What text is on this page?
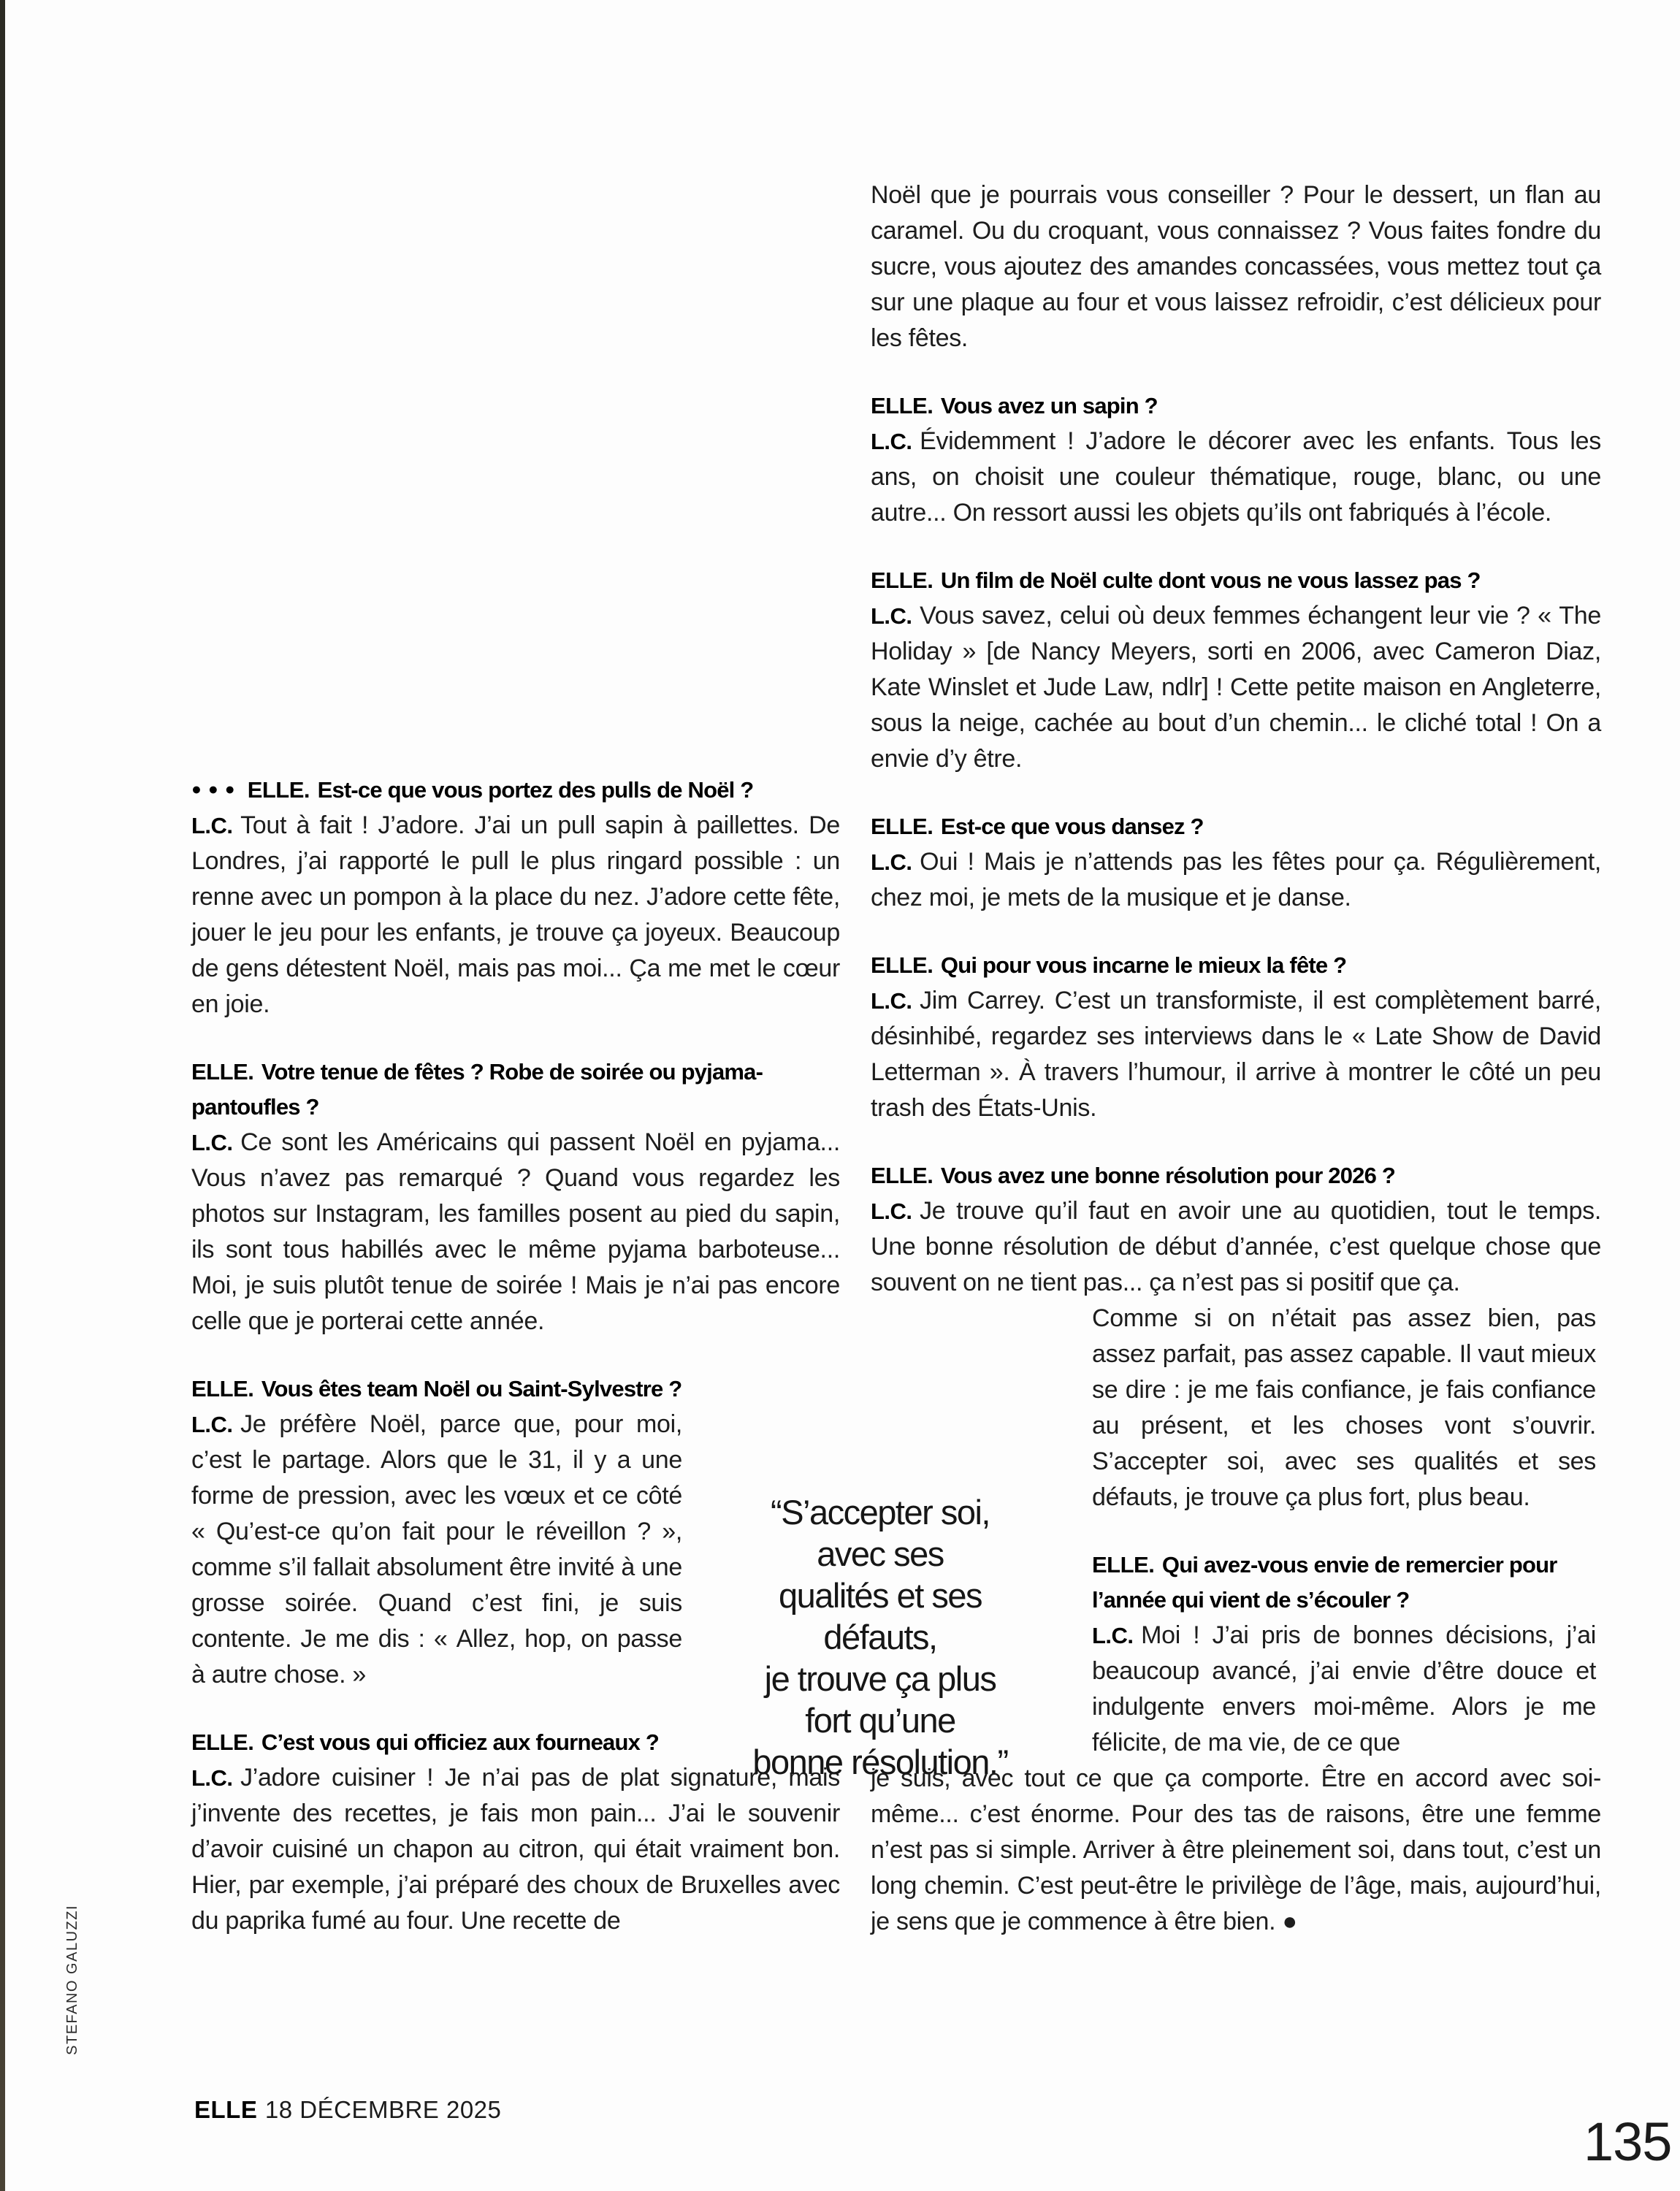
STEFANO GALUZZI

●●● ELLE. Est-ce que vous portez des pulls de Noël ?

L.C. Tout à fait ! J’adore. J’ai un pull sapin à paillettes. De Londres, j’ai rapporté le pull le plus ringard possible : un renne avec un pompon à la place du nez. J’adore cette fête, jouer le jeu pour les enfants, je trouve ça joyeux. Beaucoup de gens détestent Noël, mais pas moi... Ça me met le cœur en joie.

ELLE. Votre tenue de fêtes ? Robe de soirée ou pyjama-pantoufles ?

L.C. Ce sont les Américains qui passent Noël en pyjama... Vous n’avez pas remarqué ? Quand vous regardez les photos sur Instagram, les familles posent au pied du sapin, ils sont tous habillés avec le même pyjama barboteuse... Moi, je suis plutôt tenue de soirée ! Mais je n’ai pas encore celle que je porterai cette année.

ELLE. Vous êtes team Noël ou Saint-Sylvestre ?

L.C. Je préfère Noël, parce que, pour moi, c’est le partage. Alors que le 31, il y a une forme de pression, avec les vœux et ce côté « Qu’est-ce qu’on fait pour le réveillon ? », comme s’il fallait absolument être invité à une grosse soirée. Quand c’est fini, je suis contente. Je me dis : « Allez, hop, on passe à autre chose. »

ELLE. C’est vous qui officiez aux fourneaux ?

L.C. J’adore cuisiner ! Je n’ai pas de plat signature, mais j’invente des recettes, je fais mon pain... J’ai le souvenir d’avoir cuisiné un chapon au citron, qui était vraiment bon. Hier, par exemple, j’ai préparé des choux de Bruxelles avec du paprika fumé au four. Une recette de

“S’accepter soi,
avec ses
qualités et ses
défauts,
je trouve ça plus
fort qu’une
bonne résolution.”

Noël que je pourrais vous conseiller ? Pour le dessert, un flan au caramel. Ou du croquant, vous connaissez ? Vous faites fondre du sucre, vous ajoutez des amandes concassées, vous mettez tout ça sur une plaque au four et vous laissez refroidir, c’est délicieux pour les fêtes.

ELLE. Vous avez un sapin ?

L.C. Évidemment ! J’adore le décorer avec les enfants. Tous les ans, on choisit une couleur thématique, rouge, blanc, ou une autre... On ressort aussi les objets qu’ils ont fabriqués à l’école.

ELLE. Un film de Noël culte dont vous ne vous lassez pas ?

L.C. Vous savez, celui où deux femmes échangent leur vie ? « The Holiday » [de Nancy Meyers, sorti en 2006, avec Cameron Diaz, Kate Winslet et Jude Law, ndlr] ! Cette petite maison en Angleterre, sous la neige, cachée au bout d’un chemin... le cliché total ! On a envie d’y être.

ELLE. Est-ce que vous dansez ?

L.C. Oui ! Mais je n’attends pas les fêtes pour ça. Régulièrement, chez moi, je mets de la musique et je danse.

ELLE. Qui pour vous incarne le mieux la fête ?

L.C. Jim Carrey. C’est un transformiste, il est complètement barré, désinhibé, regardez ses interviews dans le « Late Show de David Letterman ». À travers l’humour, il arrive à montrer le côté un peu trash des États-Unis.

ELLE. Vous avez une bonne résolution pour 2026 ?

L.C. Je trouve qu’il faut en avoir une au quotidien, tout le temps. Une bonne résolution de début d’année, c’est quelque chose que souvent on ne tient pas... ça n’est pas si positif que ça.

Comme si on n’était pas assez bien, pas assez parfait, pas assez capable. Il vaut mieux se dire : je me fais confiance, je fais confiance au présent, et les choses vont s’ouvrir. S’accepter soi, avec ses qualités et ses défauts, je trouve ça plus fort, plus beau.

ELLE. Qui avez-vous envie de remercier pour l’année qui vient de s’écouler ?

L.C. Moi ! J’ai pris de bonnes décisions, j’ai beaucoup avancé, j’ai envie d’être douce et indulgente envers moi-même. Alors je me félicite, de ma vie, de ce que

je suis, avec tout ce que ça comporte. Être en accord avec soi-même... c’est énorme. Pour des tas de raisons, être une femme n’est pas si simple. Arriver à être pleinement soi, dans tout, c’est un long chemin. C’est peut-être le privilège de l’âge, mais, aujourd’hui, je sens que je commence à être bien. ●

ELLE 18 DÉCEMBRE 2025
135
